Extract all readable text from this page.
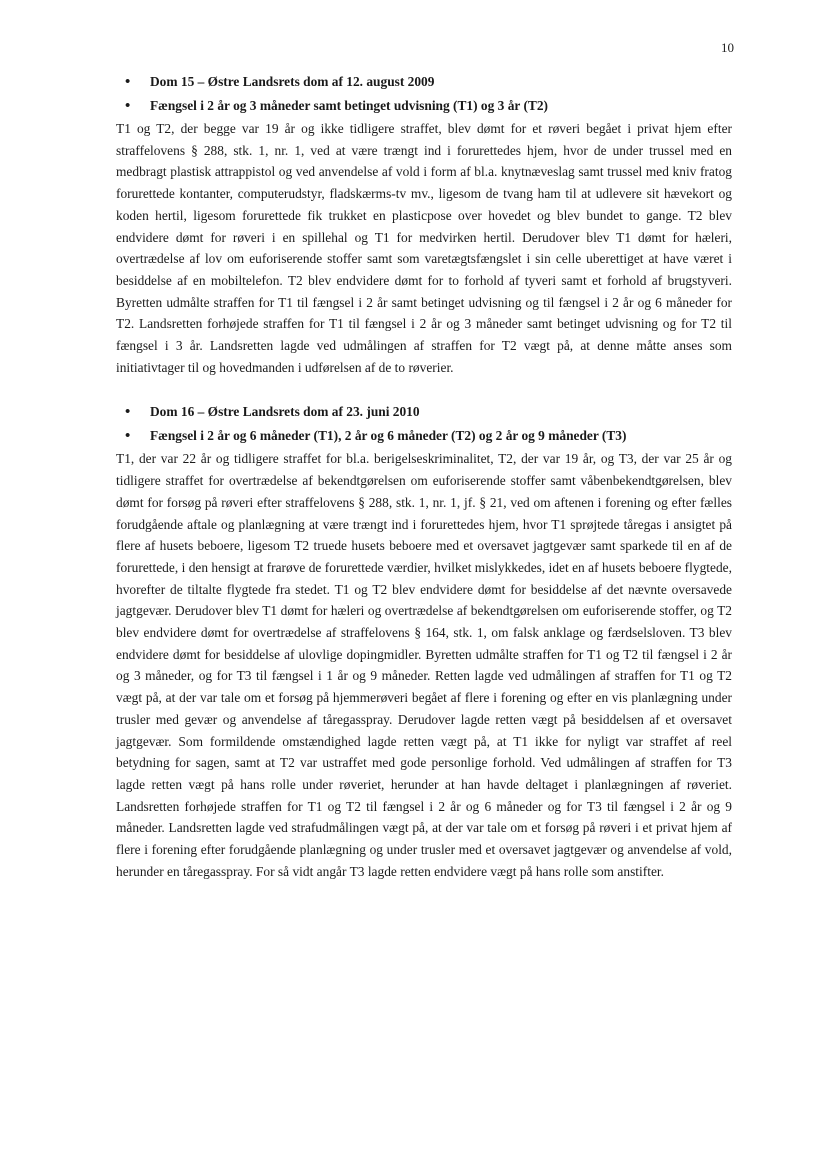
10
• Dom 15 – Østre Landsrets dom af 12. august 2009
• Fængsel i 2 år og 3 måneder samt betinget udvisning (T1) og 3 år (T2)

T1 og T2, der begge var 19 år og ikke tidligere straffet, blev dømt for et røveri begået i privat hjem efter straffelovens § 288, stk. 1, nr. 1, ved at være trængt ind i forurettedes hjem, hvor de under trussel med en medbragt plastisk attrappistol og ved anvendelse af vold i form af bl.a. knytnæveslag samt trussel med kniv fratog forurettede kontanter, computerudstyr, fladskærms-tv mv., ligesom de tvang ham til at udlevere sit hævekort og koden hertil, ligesom forurettede fik trukket en plasticpose over hovedet og blev bundet to gange. T2 blev endvidere dømt for røveri i en spillehal og T1 for medvirken hertil. Derudover blev T1 dømt for hæleri, overtrædelse af lov om euforiserende stoffer samt som varetægtsfængslet i sin celle uberettiget at have været i besiddelse af en mobiltelefon. T2 blev endvidere dømt for to forhold af tyveri samt et forhold af brugstyveri. Byretten udmålte straffen for T1 til fængsel i 2 år samt betinget udvisning og til fængsel i 2 år og 6 måneder for T2. Landsretten forhøjede straffen for T1 til fængsel i 2 år og 3 måneder samt betinget udvisning og for T2 til fængsel i 3 år. Landsretten lagde ved udmålingen af straffen for T2 vægt på, at denne måtte anses som initiativtager til og hovedmanden i udførelsen af de to røverier.

• Dom 16 – Østre Landsrets dom af 23. juni 2010
• Fængsel i 2 år og 6 måneder (T1), 2 år og 6 måneder (T2) og 2 år og 9 måneder (T3)

T1, der var 22 år og tidligere straffet for bl.a. berigelseskriminalitet, T2, der var 19 år, og T3, der var 25 år og tidligere straffet for overtrædelse af bekendtgørelsen om euforiserende stoffer samt våbenbekendtgørelsen, blev dømt for forsøg på røveri efter straffelovens § 288, stk. 1, nr. 1, jf. § 21, ved om aftenen i forening og efter fælles forudgående aftale og planlægning at være trængt ind i forurettedes hjem, hvor T1 sprøjtede tåregas i ansigtet på flere af husets beboere, ligesom T2 truede husets beboere med et oversavet jagtgevær samt sparkede til en af de forurettede, i den hensigt at frarøve de forurettede værdier, hvilket mislykkedes, idet en af husets beboere flygtede, hvorefter de tiltalte flygtede fra stedet. T1 og T2 blev endvidere dømt for besiddelse af det nævnte oversavede jagtgevær. Derudover blev T1 dømt for hæleri og overtrædelse af bekendtgørelsen om euforiserende stoffer, og T2 blev endvidere dømt for overtrædelse af straffelovens § 164, stk. 1, om falsk anklage og færdselsloven. T3 blev endvidere dømt for besiddelse af ulovlige dopingmidler. Byretten udmålte straffen for T1 og T2 til fængsel i 2 år og 3 måneder, og for T3 til fængsel i 1 år og 9 måneder. Retten lagde ved udmålingen af straffen for T1 og T2 vægt på, at der var tale om et forsøg på hjemmerøveri begået af flere i forening og efter en vis planlægning under trusler med gevær og anvendelse af tåregasspray. Derudover lagde retten vægt på besiddelsen af et oversavet jagtgevær. Som formildende omstændighed lagde retten vægt på, at T1 ikke for nyligt var straffet af reel betydning for sagen, samt at T2 var ustraffet med gode personlige forhold. Ved udmålingen af straffen for T3 lagde retten vægt på hans rolle under røveriet, herunder at han havde deltaget i planlægningen af røveriet. Landsretten forhøjede straffen for T1 og T2 til fængsel i 2 år og 6 måneder og for T3 til fængsel i 2 år og 9 måneder. Landsretten lagde ved strafudmålingen vægt på, at der var tale om et forsøg på røveri i et privat hjem af flere i forening efter forudgående planlægning og under trusler med et oversavet jagtgevær og anvendelse af vold, herunder en tåregasspray. For så vidt angår T3 lagde retten endvidere vægt på hans rolle som anstifter.
